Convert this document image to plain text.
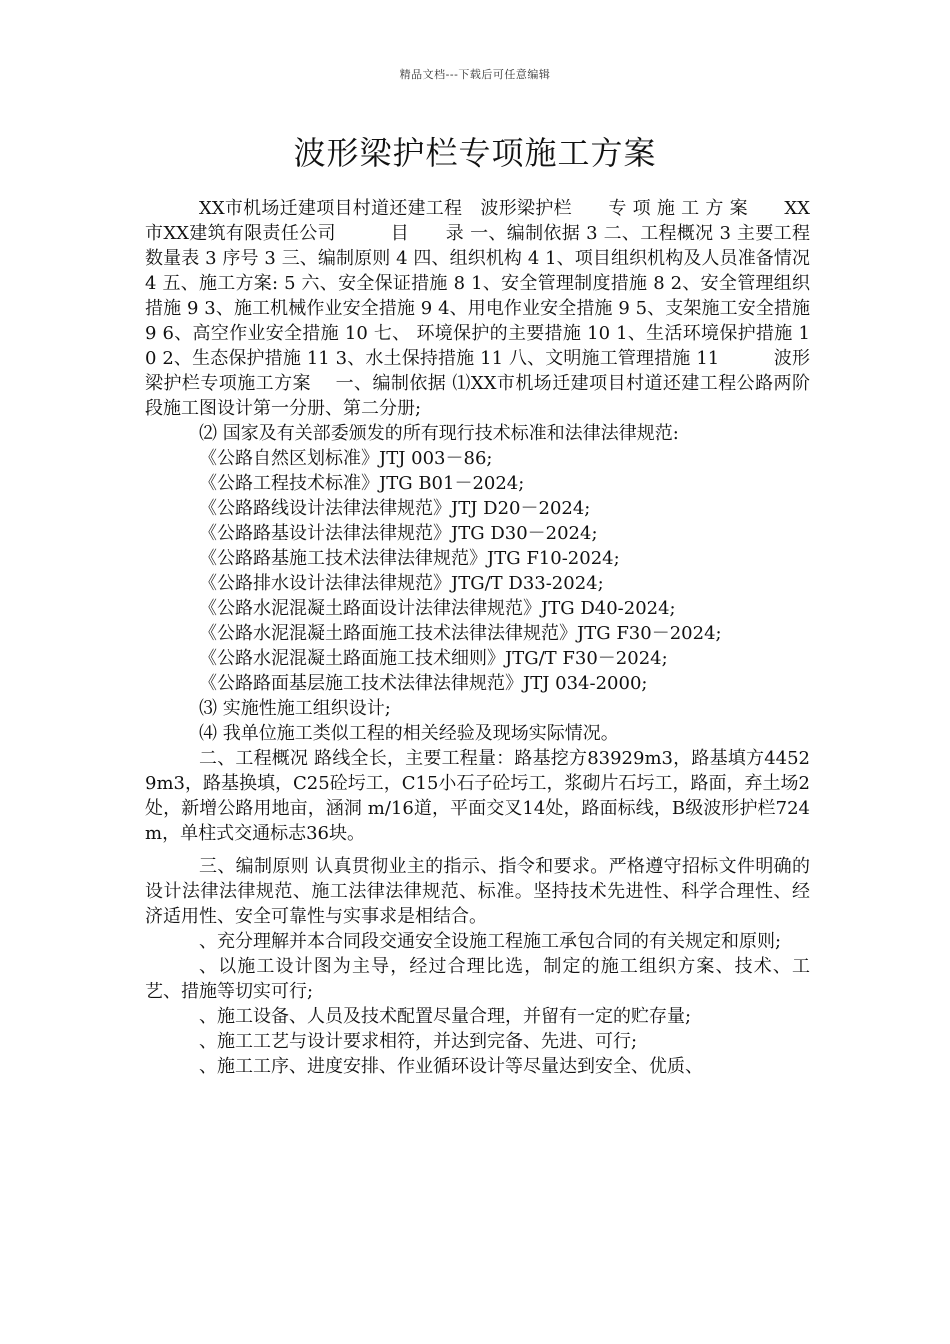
精品文档---下载后可任意编辑
波形梁护栏专项施工方案

XX市机场迁建项目村道还建工程　波形梁护栏　　专 项 施 工 方 案　　XX市XX建筑有限责任公司　　　目　　录 一、编制依据 3 二、工程概况 3 主要工程数量表 3 序号 3 三、编制原则 4 四、组织机构 4 1、项目组织机构及人员准备情况 4 五、施工方案: 5 六、安全保证措施 8 1、安全管理制度措施 8 2、安全管理组织措施 9 3、施工机械作业安全措施 9 4、用电作业安全措施 9 5、支架施工安全措施 9 6、高空作业安全措施 10 七、 环境保护的主要措施 10 1、生活环境保护措施 10 2、生态保护措施 11 3、水土保持措施 11 八、文明施工管理措施 11　　　波形梁护栏专项施工方案　 一、编制依据 ⑴XX市机场迁建项目村道还建工程公路两阶段施工图设计第一分册、第二分册;

⑵ 国家及有关部委颁发的所有现行技术标准和法律法律规范:

《公路自然区划标准》JTJ 003－86;

《公路工程技术标准》JTG B01－2024;

《公路路线设计法律法律规范》JTJ D20－2024;

《公路路基设计法律法律规范》JTG D30－2024;

《公路路基施工技术法律法律规范》JTG F10-2024;

《公路排水设计法律法律规范》JTG/T D33-2024;

《公路水泥混凝土路面设计法律法律规范》JTG D40-2024;

《公路水泥混凝土路面施工技术法律法律规范》JTG F30－2024;

《公路水泥混凝土路面施工技术细则》JTG/T F30－2024;

《公路路面基层施工技术法律法律规范》JTJ 034-2000;

⑶ 实施性施工组织设计;

⑷ 我单位施工类似工程的相关经验及现场实际情况。

二、工程概况 路线全长，主要工程量：路基挖方83929m3，路基填方44529m3，路基换填，C25砼圬工，C15小石子砼圬工，浆砌片石圬工，路面，弃土场2处，新增公路用地亩，涵洞 m/16道，平面交叉14处，路面标线，B级波形护栏724m，单柱式交通标志36块。

三、编制原则 认真贯彻业主的指示、指令和要求。严格遵守招标文件明确的设计法律法律规范、施工法律法律规范、标准。坚持技术先进性、科学合理性、经济适用性、安全可靠性与实事求是相结合。

、充分理解并本合同段交通安全设施工程施工承包合同的有关规定和原则;

、以施工设计图为主导，经过合理比选，制定的施工组织方案、技术、工艺、措施等切实可行;

、施工设备、人员及技术配置尽量合理，并留有一定的贮存量;

、施工工艺与设计要求相符，并达到完备、先进、可行;

、施工工序、进度安排、作业循环设计等尽量达到安全、优质、
